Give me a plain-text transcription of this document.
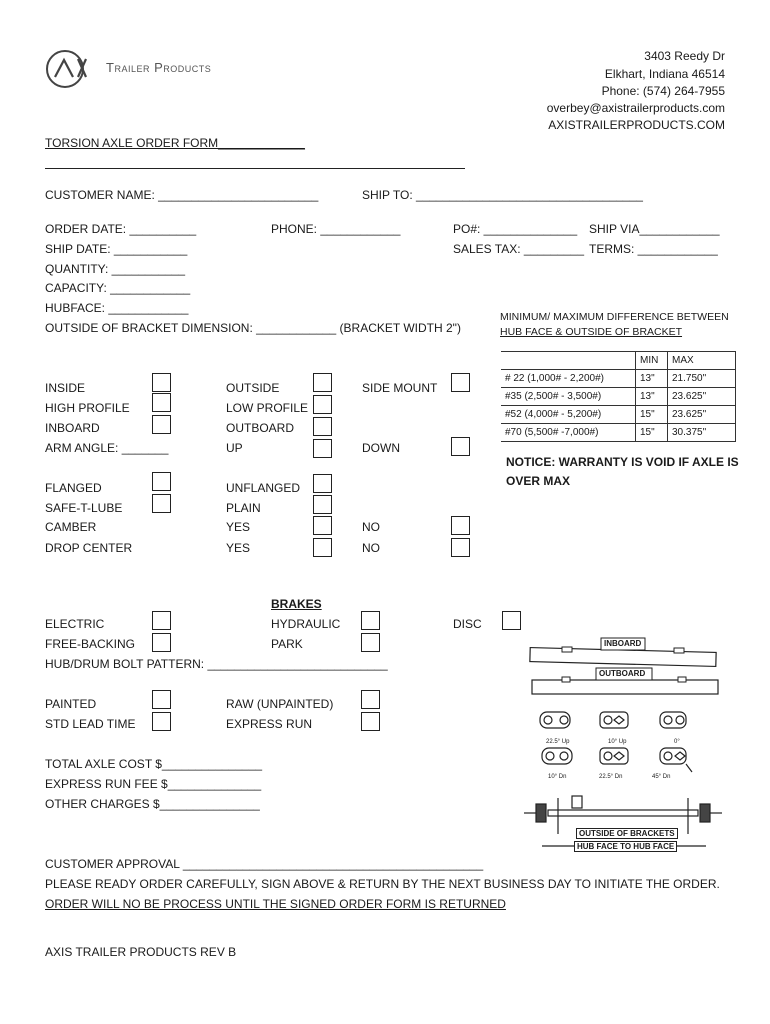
Trailer Products
3403 Reedy Dr
Elkhart, Indiana 46514
Phone: (574) 264-7955
overbey@axistrailerproducts.com
AXISTRAILERPRODUCTS.COM
TORSION AXLE ORDER FORM_____________
CUSTOMER NAME: ________________________	SHIP TO: __________________________________
ORDER DATE: __________	PHONE: ____________	PO#: ______________ SHIP VIA____________
SHIP DATE: ___________	SALES TAX: _________ TERMS: ____________
QUANTITY: ___________
CAPACITY: ____________
HUBFACE: ____________
OUTSIDE OF BRACKET DIMENSION: ____________ (BRACKET WIDTH 2")
MINIMUM/ MAXIMUM DIFFERENCE BETWEEN
HUB FACE & OUTSIDE OF BRACKET
	MIN	MAX
# 22 (1,000# - 2,200#)	13"	21.750"
#35 (2,500# - 3,500#)	13"	23.625"
#52 (4,000# - 5,200#)	15"	23.625"
#70 (5,500# -7,000#)	15"	30.375"
NOTICE: WARRANTY IS VOID IF AXLE IS
OVER MAX
INSIDE	OUTSIDE	SIDE MOUNT
HIGH PROFILE	LOW PROFILE
INBOARD	OUTBOARD
ARM ANGLE: _______	UP	DOWN
FLANGED	UNFLANGED
SAFE-T-LUBE	PLAIN
CAMBER	YES	NO
DROP CENTER	YES	NO
BRAKES
ELECTRIC	HYDRAULIC	DISC
FREE-BACKING	PARK
HUB/DRUM BOLT PATTERN: ___________________________
PAINTED	RAW (UNPAINTED)
STD LEAD TIME	EXPRESS RUN
TOTAL AXLE COST $_______________
EXPRESS RUN FEE $______________
OTHER CHARGES $_______________
INBOARD
OUTBOARD
22.5° Up	10° Up	0°
10° Dn	22.5° Dn	45° Dn
OUTSIDE OF BRACKETS
HUB FACE TO HUB FACE
CUSTOMER APPROVAL _____________________________________________
PLEASE READY ORDER CAREFULLY, SIGN ABOVE & RETURN BY THE NEXT BUSINESS DAY TO INITIATE THE ORDER.
ORDER WILL NO BE PROCESS UNTIL THE SIGNED ORDER FORM IS RETURNED
AXIS TRAILER PRODUCTS REV B
